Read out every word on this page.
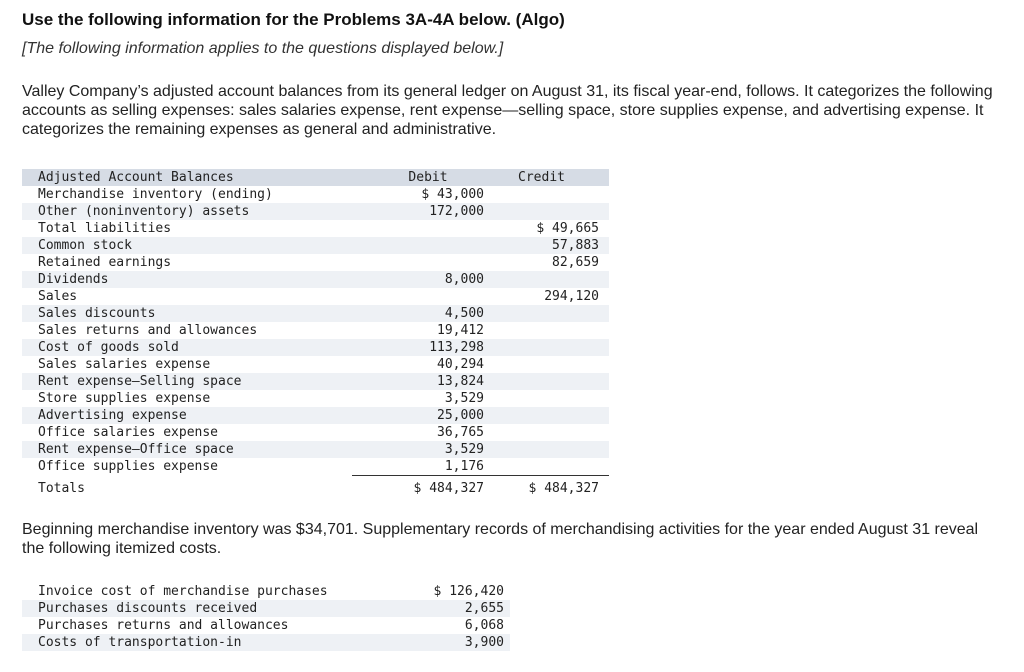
Use the following information for the Problems 3A-4A below. (Algo)

[The following information applies to the questions displayed below.]

Valley Company’s adjusted account balances from its general ledger on August 31, its fiscal year-end, follows. It categorizes the following accounts as selling expenses: sales salaries expense, rent expense—selling space, store supplies expense, and advertising expense. It categorizes the remaining expenses as general and administrative.

Adjusted Account Balances	Debit	Credit
Merchandise inventory (ending)	$ 43,000	
Other (noninventory) assets	172,000	
Total liabilities		$ 49,665
Common stock		57,883
Retained earnings		82,659
Dividends	8,000	
Sales		294,120
Sales discounts	4,500	
Sales returns and allowances	19,412	
Cost of goods sold	113,298	
Sales salaries expense	40,294	
Rent expense—Selling space	13,824	
Store supplies expense	3,529	
Advertising expense	25,000	
Office salaries expense	36,765	
Rent expense—Office space	3,529	
Office supplies expense	1,176	
Totals	$ 484,327	$ 484,327

Beginning merchandise inventory was $34,701. Supplementary records of merchandising activities for the year ended August 31 reveal the following itemized costs.

Invoice cost of merchandise purchases	$ 126,420
Purchases discounts received	2,655
Purchases returns and allowances	6,068
Costs of transportation-in	3,900
